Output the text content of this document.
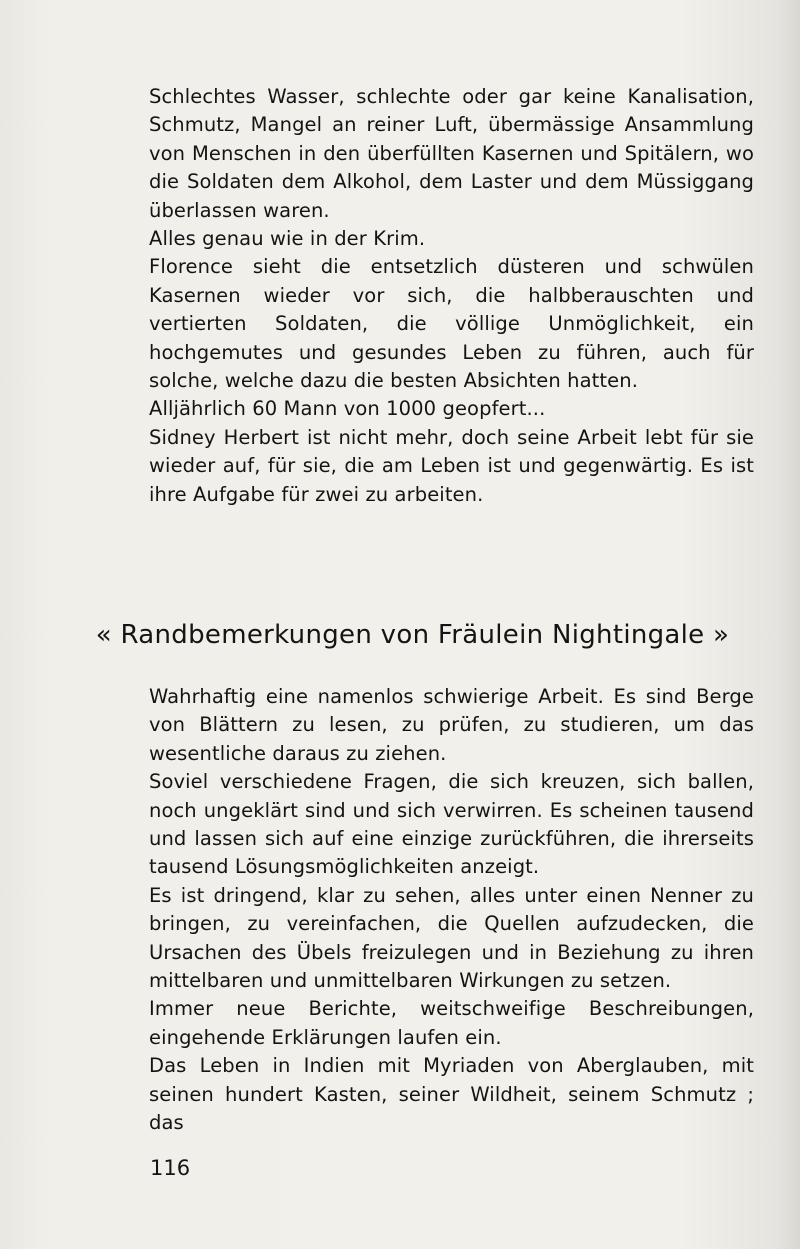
Schlechtes Wasser, schlechte oder gar keine Kanalisation, Schmutz, Mangel an reiner Luft, übermässige Ansammlung von Menschen in den überfüllten Kasernen und Spitälern, wo die Soldaten dem Alkohol, dem Laster und dem Müssiggang überlassen waren.

Alles genau wie in der Krim.

Florence sieht die entsetzlich düsteren und schwülen Kasernen wieder vor sich, die halbberauschten und vertierten Soldaten, die völlige Unmöglichkeit, ein hochgemutes und gesundes Leben zu führen, auch für solche, welche dazu die besten Absichten hatten.

Alljährlich 60 Mann von 1000 geopfert...

Sidney Herbert ist nicht mehr, doch seine Arbeit lebt für sie wieder auf, für sie, die am Leben ist und gegenwärtig. Es ist ihre Aufgabe für zwei zu arbeiten.

« Randbemerkungen von Fräulein Nightingale »

Wahrhaftig eine namenlos schwierige Arbeit. Es sind Berge von Blättern zu lesen, zu prüfen, zu studieren, um das wesentliche daraus zu ziehen.

Soviel verschiedene Fragen, die sich kreuzen, sich ballen, noch ungeklärt sind und sich verwirren. Es scheinen tausend und lassen sich auf eine einzige zurückführen, die ihrerseits tausend Lösungsmöglichkeiten anzeigt.

Es ist dringend, klar zu sehen, alles unter einen Nenner zu bringen, zu vereinfachen, die Quellen aufzudecken, die Ursachen des Übels freizulegen und in Beziehung zu ihren mittelbaren und unmittelbaren Wirkungen zu setzen.

Immer neue Berichte, weitschweifige Beschreibungen, eingehende Erklärungen laufen ein.

Das Leben in Indien mit Myriaden von Aberglauben, mit seinen hundert Kasten, seiner Wildheit, seinem Schmutz ; das

116
